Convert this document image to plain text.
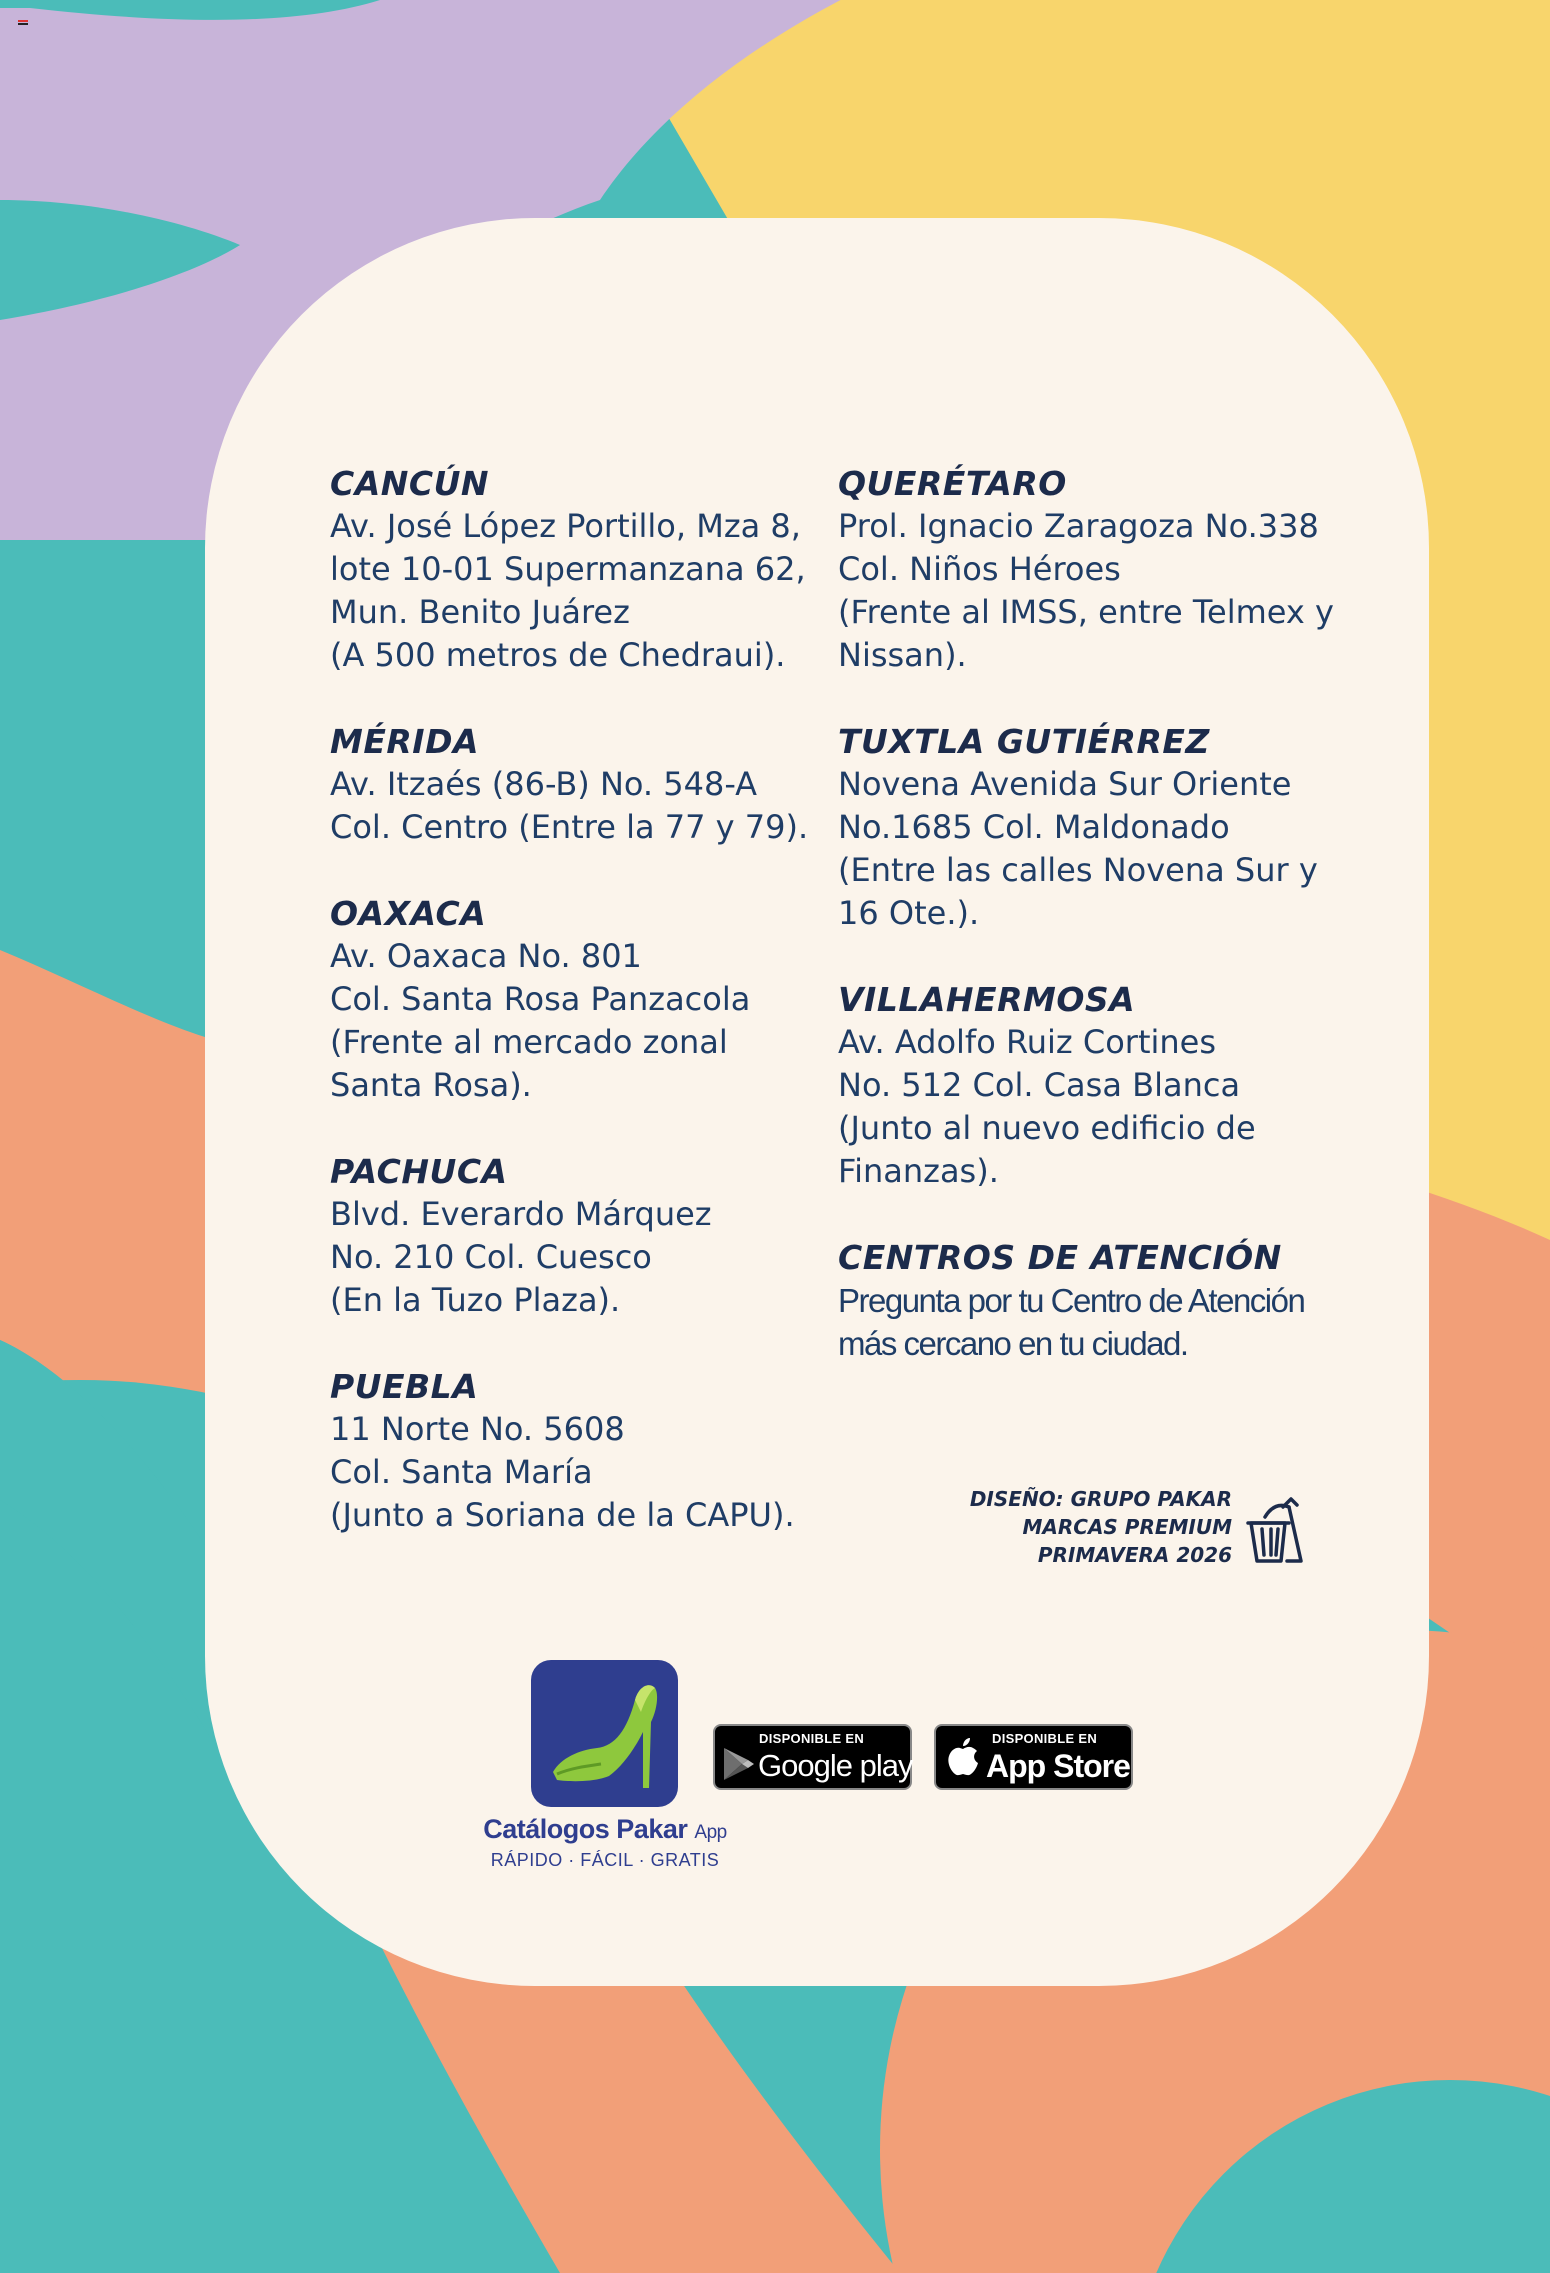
CANCÚN

Av. José López Portillo, Mza 8,

lote 10-01 Supermanzana 62,

Mun. Benito Juárez

(A 500 metros de Chedraui).

MÉRIDA

Av. Itzaés (86-B) No. 548-A

Col. Centro (Entre la 77 y 79).

OAXACA

Av. Oaxaca No. 801

Col. Santa Rosa Panzacola

(Frente al mercado zonal

Santa Rosa).

PACHUCA

Blvd. Everardo Márquez

No. 210 Col. Cuesco

(En la Tuzo Plaza).

PUEBLA

11 Norte No. 5608

Col. Santa María

(Junto a Soriana de la CAPU).

QUERÉTARO

Prol. Ignacio Zaragoza No.338

Col. Niños Héroes

(Frente al IMSS, entre Telmex y

Nissan).

TUXTLA GUTIÉRREZ

Novena Avenida Sur Oriente

No.1685 Col. Maldonado

(Entre las calles Novena Sur y

16 Ote.).

VILLAHERMOSA

Av. Adolfo Ruiz Cortines

No. 512 Col. Casa Blanca

(Junto al nuevo edificio de

Finanzas).

CENTROS DE ATENCIÓN

Pregunta por tu Centro de Atención

más cercano en tu ciudad.

DISEÑO: GRUPO PAKAR

MARCAS PREMIUM

PRIMAVERA 2026

Catálogos Pakar App
RÁPIDO · FÁCIL · GRATIS
DISPONIBLE EN
Google play
DISPONIBLE EN
App Store
